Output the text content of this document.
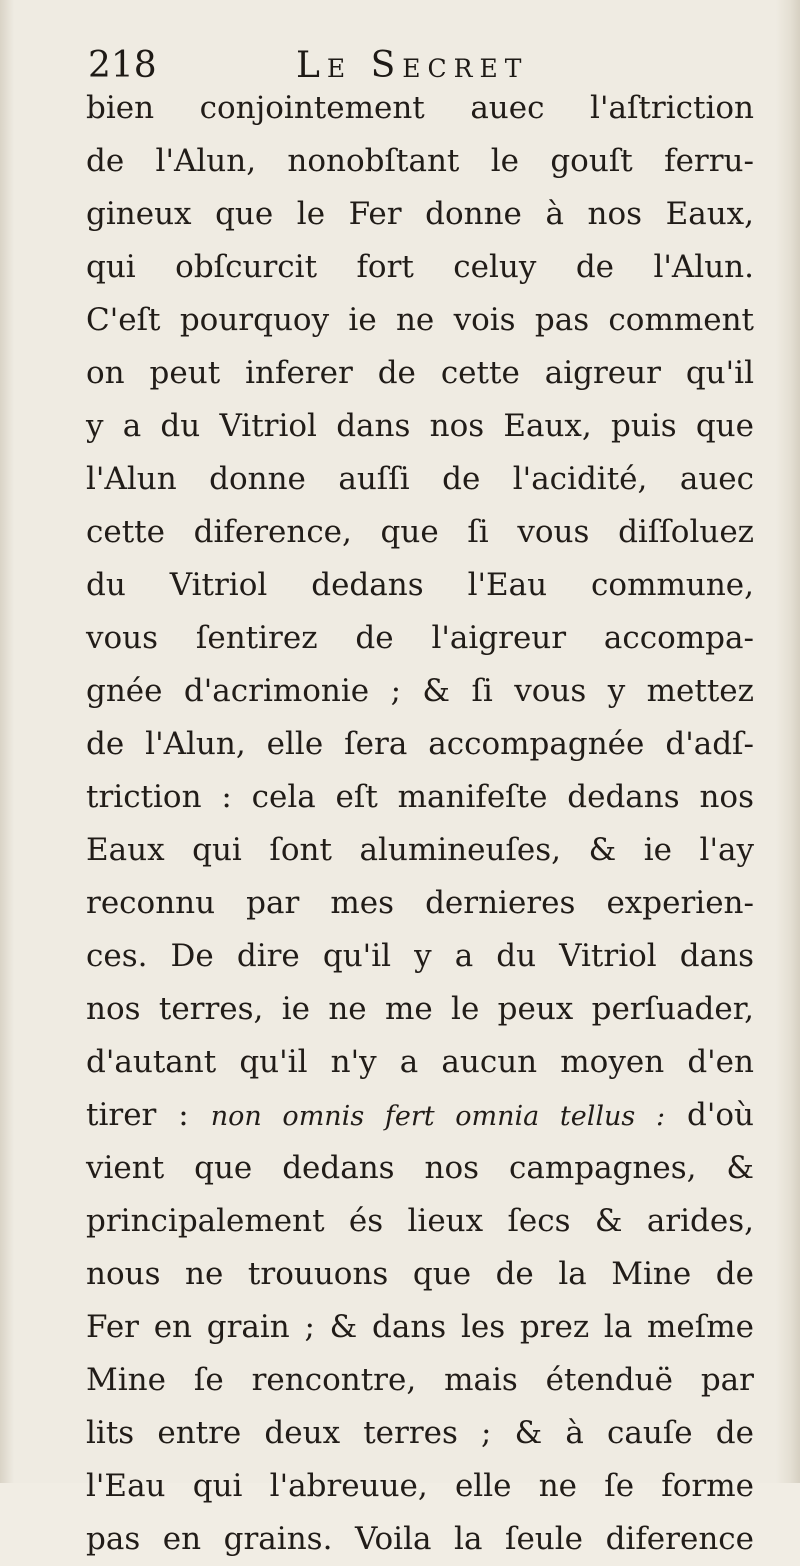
218	Le Secret
bien conjointement auec l'aſtriction
de l'Alun, nonobſtant le gouſt ferru-
gineux que le Fer donne à nos Eaux,
qui obſcurcit fort celuy de l'Alun.
C'eſt pourquoy ie ne vois pas comment
on peut inferer de cette aigreur qu'il
y a du Vitriol dans nos Eaux, puis que
l'Alun donne auſſi de l'acidité, auec
cette diference, que ſi vous diſſoluez
du Vitriol dedans l'Eau commune,
vous ſentirez de l'aigreur accompa-
gnée d'acrimonie ; & ſi vous y mettez
de l'Alun, elle ſera accompagnée d'adſ-
triction : cela eſt manifeſte dedans nos
Eaux qui ſont alumineuſes, & ie l'ay
reconnu par mes dernieres experien-
ces. De dire qu'il y a du Vitriol dans
nos terres, ie ne me le peux perſuader,
d'autant qu'il n'y a aucun moyen d'en
tirer : non omnis fert omnia tellus : d'où
vient que dedans nos campagnes, &
principalement és lieux ſecs & arides,
nous ne trouuons que de la Mine de
Fer en grain ; & dans les prez la meſme
Mine ſe rencontre, mais étenduë par
lits entre deux terres ; & à cauſe de
l'Eau qui l'abreuue, elle ne ſe forme
pas en grains. Voila la ſeule diference
